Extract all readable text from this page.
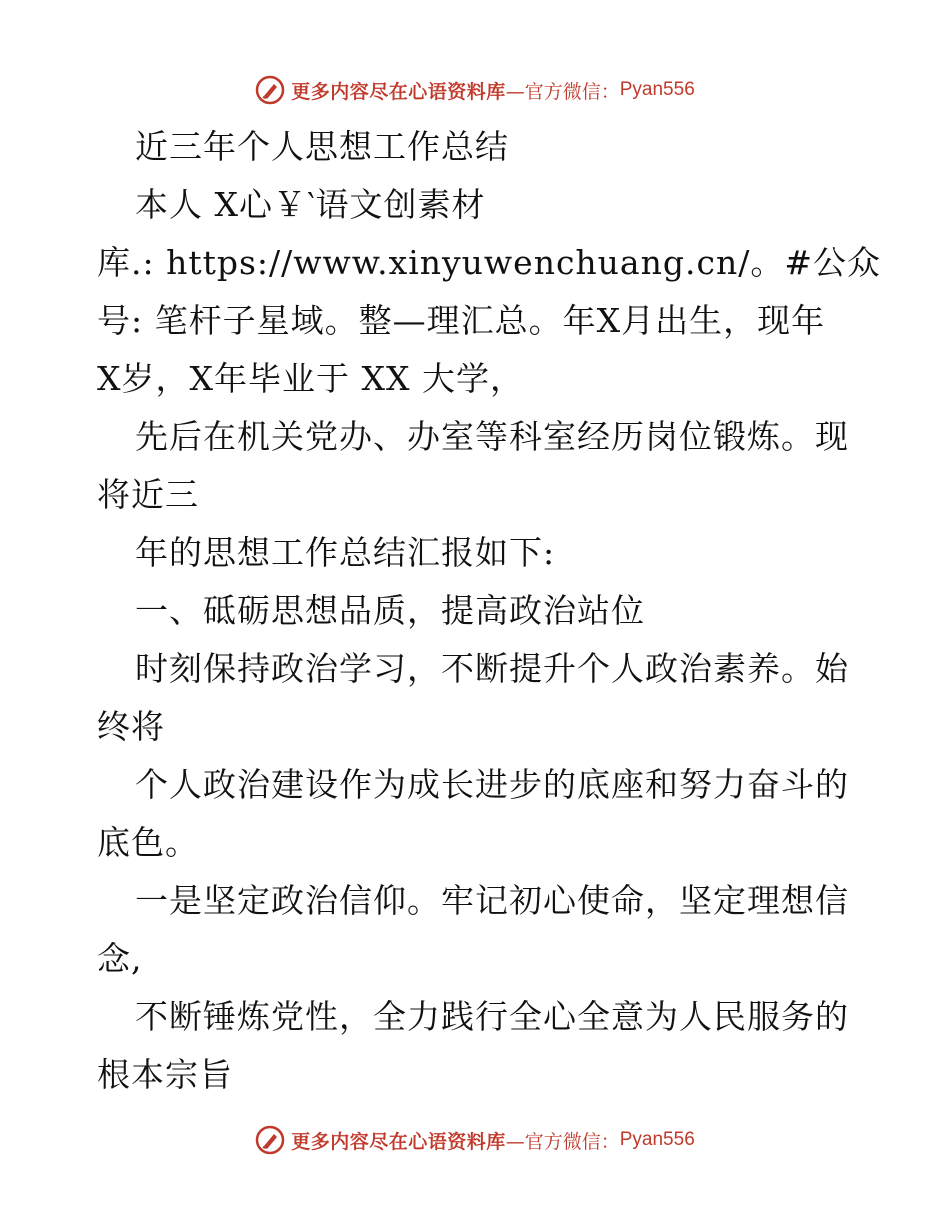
更多内容尽在心语资料库 —官方微信： Pyan556
近三年个人思想工作总结
本人 X心￥‵语文创素材
库.: https://www.xinyuwenchuang.cn/。#公众
号: 笔杆子星域。整—理汇总。年X月出生，现年
X岁，X年毕业于 XX 大学，
先后在机关党办、办室等科室经历岗位锻炼。现
将近三
年的思想工作总结汇报如下:
一、砥砺思想品质，提高政治站位
时刻保持政治学习，不断提升个人政治素养。始
终将
个人政治建设作为成长进步的底座和努力奋斗的
底色。
一是坚定政治信仰。牢记初心使命，坚定理想信
念,
不断锤炼党性，全力践行全心全意为人民服务的
根本宗旨
更多内容尽在心语资料库 —官方微信： Pyan556
